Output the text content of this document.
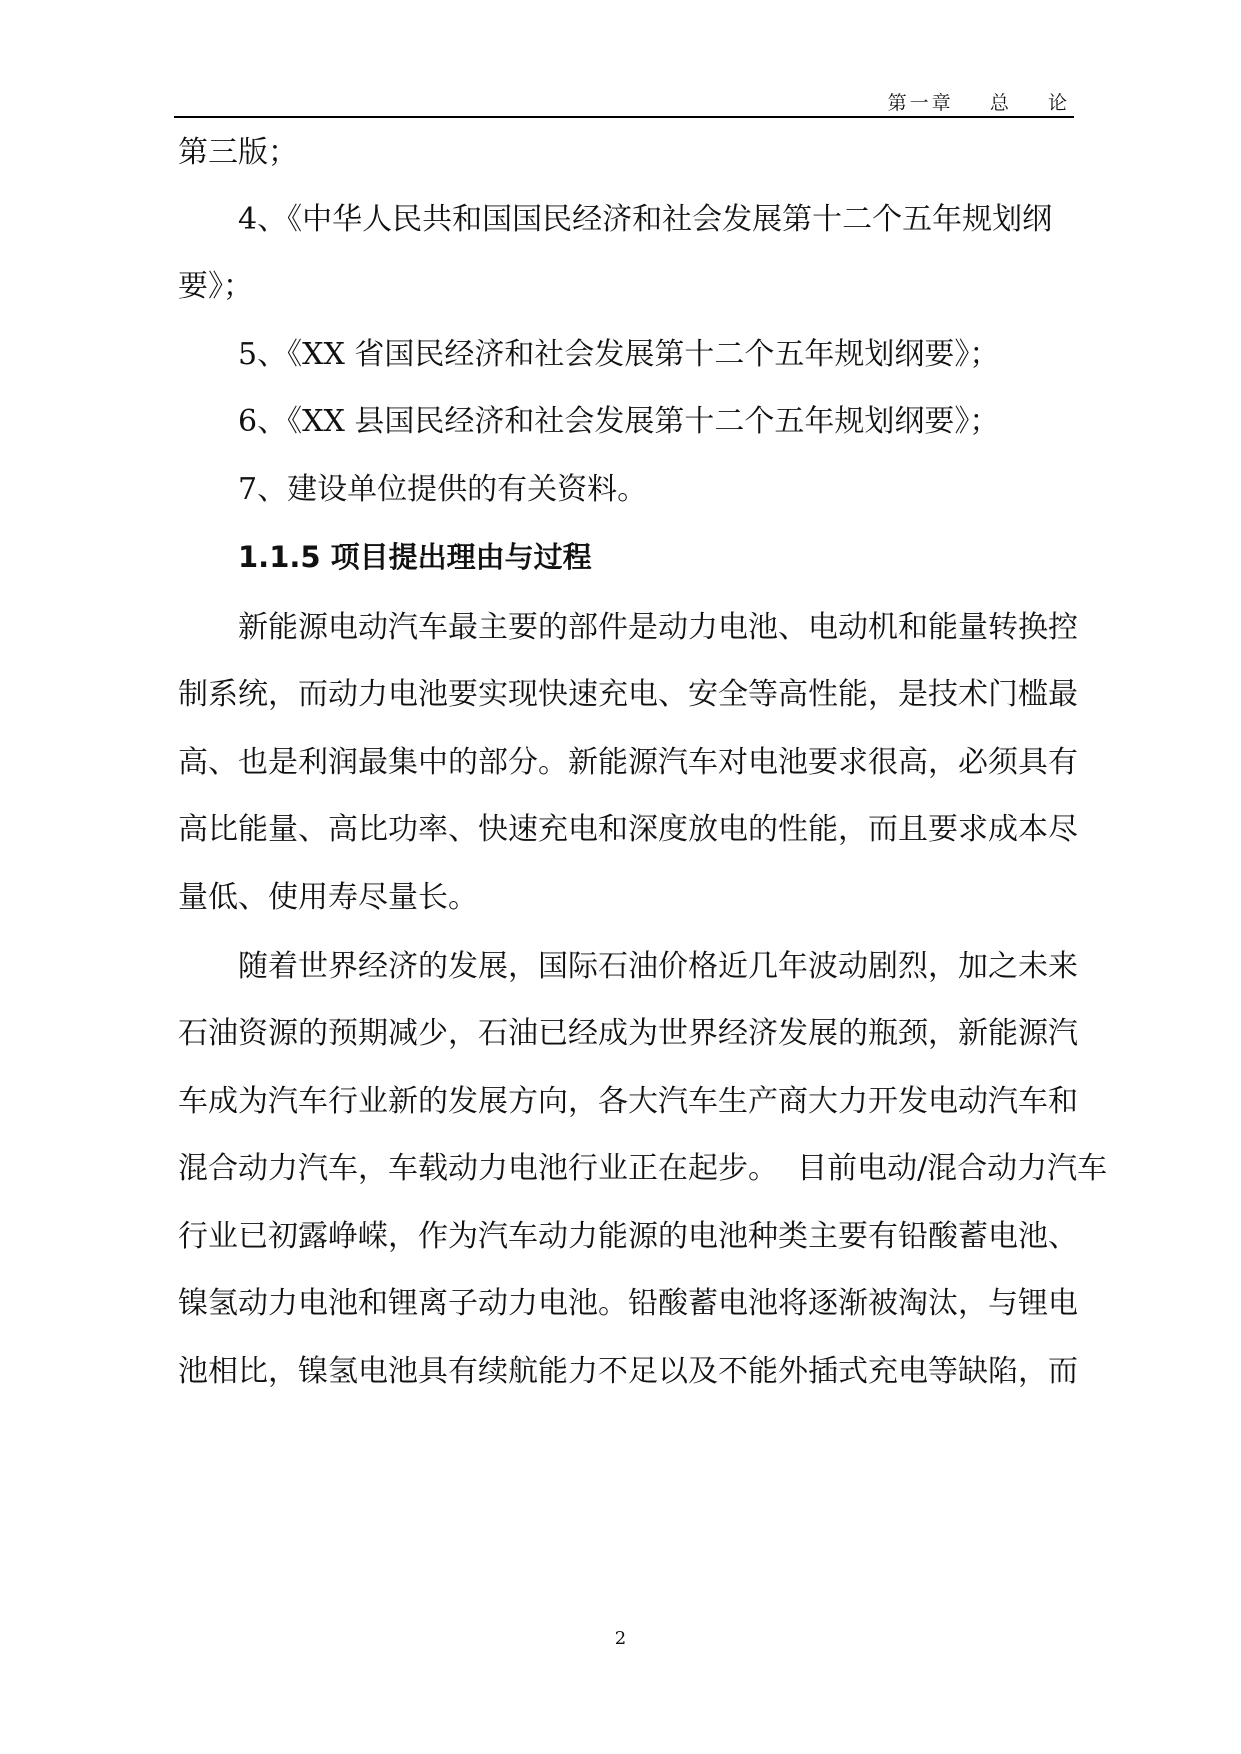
第一章    总    论
第三版；
4、《中华人民共和国国民经济和社会发展第十二个五年规划纲
要》；
5、《XX 省国民经济和社会发展第十二个五年规划纲要》；
6、《XX 县国民经济和社会发展第十二个五年规划纲要》；
7、建设单位提供的有关资料。
1.1.5 项目提出理由与过程
新能源电动汽车最主要的部件是动力电池、电动机和能量转换控
制系统，而动力电池要实现快速充电、安全等高性能，是技术门槛最
高、也是利润最集中的部分。新能源汽车对电池要求很高，必须具有
高比能量、高比功率、快速充电和深度放电的性能，而且要求成本尽
量低、使用寿尽量长。
随着世界经济的发展，国际石油价格近几年波动剧烈，加之未来
石油资源的预期减少，石油已经成为世界经济发展的瓶颈，新能源汽
车成为汽车行业新的发展方向，各大汽车生产商大力开发电动汽车和
混合动力汽车，车载动力电池行业正在起步。  目前电动/混合动力汽车
行业已初露峥嵘，作为汽车动力能源的电池种类主要有铅酸蓄电池、
镍氢动力电池和锂离子动力电池。铅酸蓄电池将逐渐被淘汰，与锂电
池相比，镍氢电池具有续航能力不足以及不能外插式充电等缺陷，而
2
